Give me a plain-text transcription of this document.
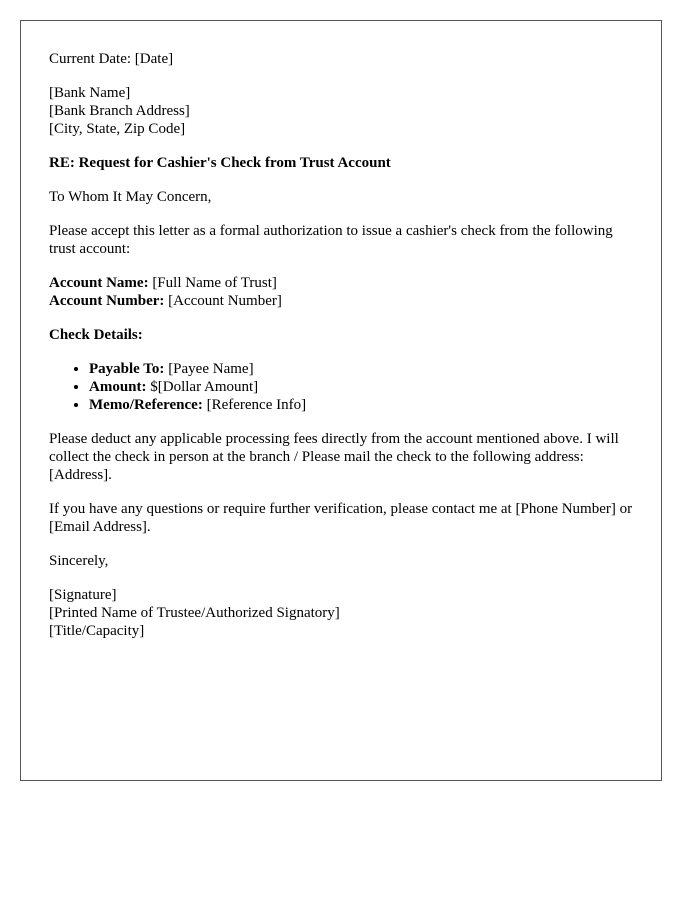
Current Date: [Date]

[Bank Name]
[Bank Branch Address]
[City, State, Zip Code]

RE: Request for Cashier's Check from Trust Account

To Whom It May Concern,

Please accept this letter as a formal authorization to issue a cashier's check from the following trust account:

Account Name: [Full Name of Trust]
Account Number: [Account Number]

Check Details:

• Payable To: [Payee Name]
• Amount: $[Dollar Amount]
• Memo/Reference: [Reference Info]

Please deduct any applicable processing fees directly from the account mentioned above. I will collect the check in person at the branch / Please mail the check to the following address: [Address].

If you have any questions or require further verification, please contact me at [Phone Number] or [Email Address].

Sincerely,

[Signature]
[Printed Name of Trustee/Authorized Signatory]
[Title/Capacity]
